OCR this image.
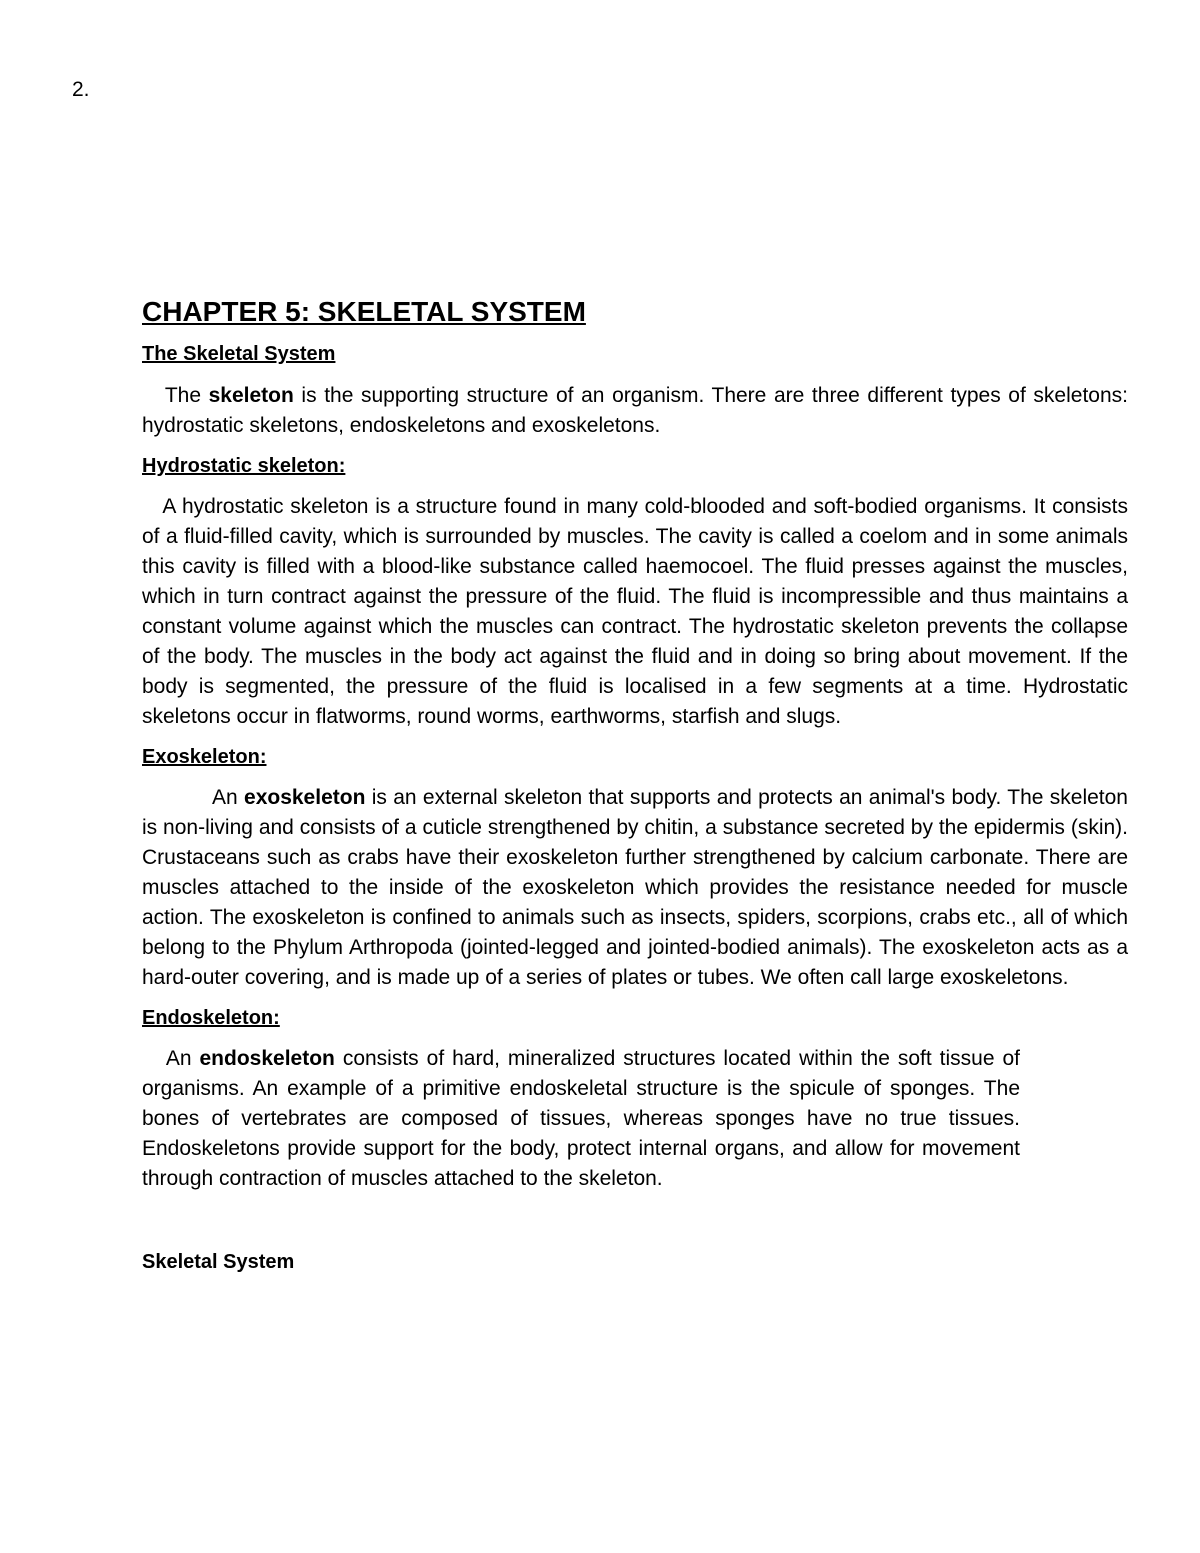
2.
CHAPTER 5: SKELETAL SYSTEM
The Skeletal System

The skeleton is the supporting structure of an organism. There are three different types of skeletons: hydrostatic skeletons, endoskeletons and exoskeletons.

Hydrostatic skeleton:

A hydrostatic skeleton is a structure found in many cold-blooded and soft-bodied organisms. It consists of a fluid-filled cavity, which is surrounded by muscles. The cavity is called a coelom and in some animals this cavity is filled with a blood-like substance called haemocoel. The fluid presses against the muscles, which in turn contract against the pressure of the fluid. The fluid is incompressible and thus maintains a constant volume against which the muscles can contract. The hydrostatic skeleton prevents the collapse of the body. The muscles in the body act against the fluid and in doing so bring about movement. If the body is segmented, the pressure of the fluid is localised in a few segments at a time. Hydrostatic skeletons occur in flatworms, round worms, earthworms, starfish and slugs.

Exoskeleton:

An exoskeleton is an external skeleton that supports and protects an animal's body. The skeleton is non-living and consists of a cuticle strengthened by chitin, a substance secreted by the epidermis (skin). Crustaceans such as crabs have their exoskeleton further strengthened by calcium carbonate. There are muscles attached to the inside of the exoskeleton which provides the resistance needed for muscle action. The exoskeleton is confined to animals such as insects, spiders, scorpions, crabs etc., all of which belong to the Phylum Arthropoda (jointed-legged and jointed-bodied animals). The exoskeleton acts as a hard-outer covering, and is made up of a series of plates or tubes. We often call large exoskeletons.

Endoskeleton:

An endoskeleton consists of hard, mineralized structures located within the soft tissue of organisms. An example of a primitive endoskeletal structure is the spicule of sponges. The bones of vertebrates are composed of tissues, whereas sponges have no true tissues. Endoskeletons provide support for the body, protect internal organs, and allow for movement through contraction of muscles attached to the skeleton.

Skeletal System
